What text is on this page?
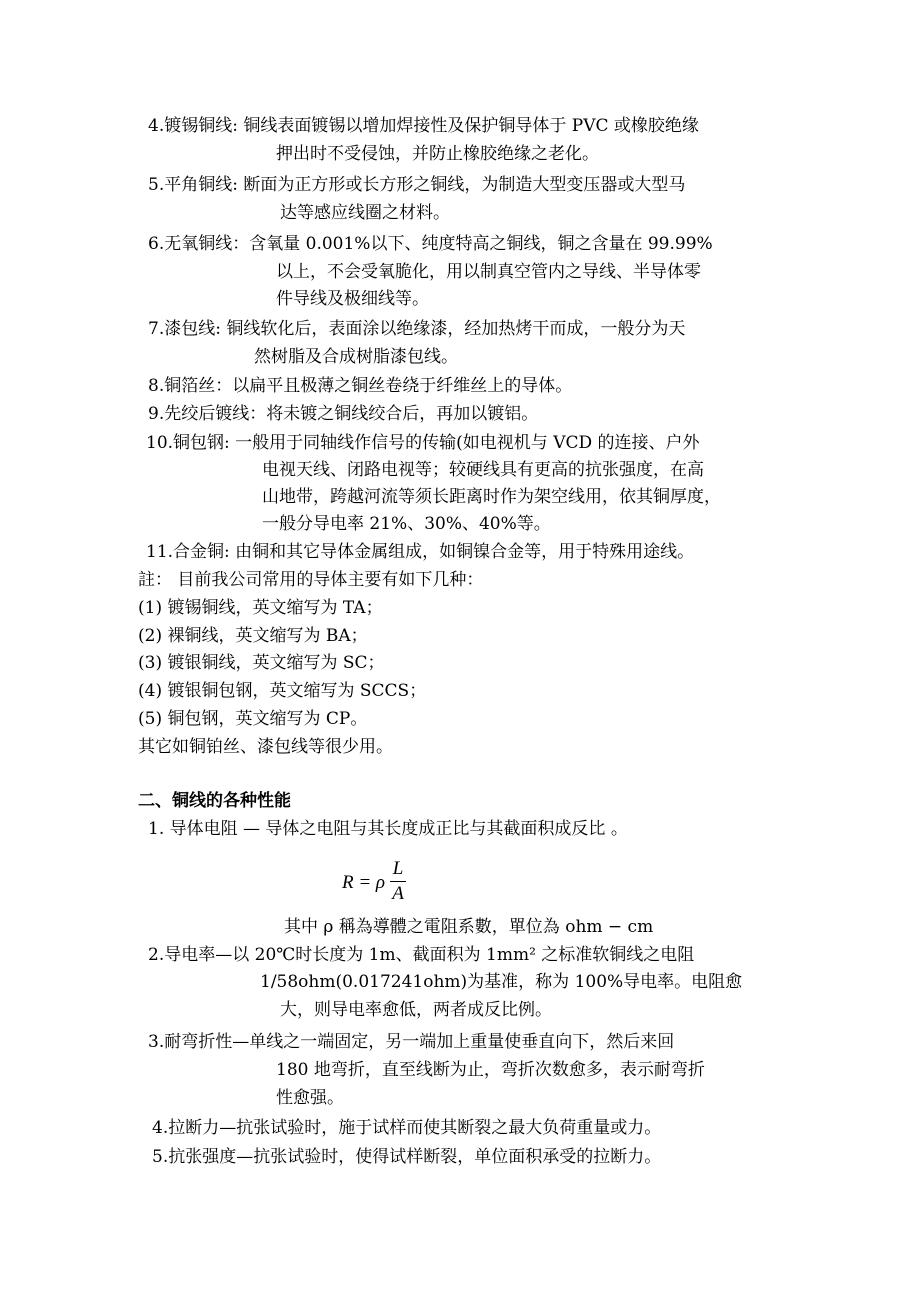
4.镀锡铜线: 铜线表面镀锡以增加焊接性及保护铜导体于 PVC 或橡胶绝缘
押出时不受侵蚀，并防止橡胶绝缘之老化。
5.平角铜线: 断面为正方形或长方形之铜线，为制造大型变压器或大型马
达等感应线圈之材料。
6.无氧铜线：含氧量 0.001%以下、纯度特高之铜线，铜之含量在 99.99%
以上，不会受氧脆化，用以制真空管内之导线、半导体零
件导线及极细线等。
7.漆包线: 铜线软化后，表面涂以绝缘漆，经加热烤干而成，一般分为天
然树脂及合成树脂漆包线。
8.铜箔丝：以扁平且极薄之铜丝卷绕于纤维丝上的导体。
9.先绞后镀线：将未镀之铜线绞合后，再加以镀铝。
10.铜包钢: 一般用于同轴线作信号的传输(如电视机与 VCD 的连接、户外
电视天线、闭路电视等；较硬线具有更高的抗张强度，在高
山地带，跨越河流等须长距离时作为架空线用，依其铜厚度，
一般分导电率 21%、30%、40%等。
11.合金铜: 由铜和其它导体金属组成，如铜镍合金等，用于特殊用途线。
註： 目前我公司常用的导体主要有如下几种：
(1) 镀锡铜线，英文缩写为 TA；
(2) 裸铜线，英文缩写为 BA；
(3) 镀银铜线，英文缩写为 SC；
(4) 镀银铜包钢，英文缩写为 SCCS；
(5) 铜包钢，英文缩写为 CP。
其它如铜铂丝、漆包线等很少用。
二、铜线的各种性能
1. 导体电阻 — 导体之电阻与其长度成正比与其截面积成反比 。
R = ρ
L
A
其中 ρ 稱為導體之電阻系數，單位為 ohm − cm
2.导电率—以 20℃时长度为 1m、截面积为 1mm² 之标准软铜线之电阻
1/58ohm(0.017241ohm)为基准，称为 100%导电率。电阻愈
大，则导电率愈低，两者成反比例。
3.耐弯折性—单线之一端固定，另一端加上重量使垂直向下，然后来回
180 地弯折，直至线断为止，弯折次数愈多，表示耐弯折
性愈强。
4.拉断力—抗张试验时，施于试样而使其断裂之最大负荷重量或力。
5.抗张强度—抗张试验时，使得试样断裂，单位面积承受的拉断力。
